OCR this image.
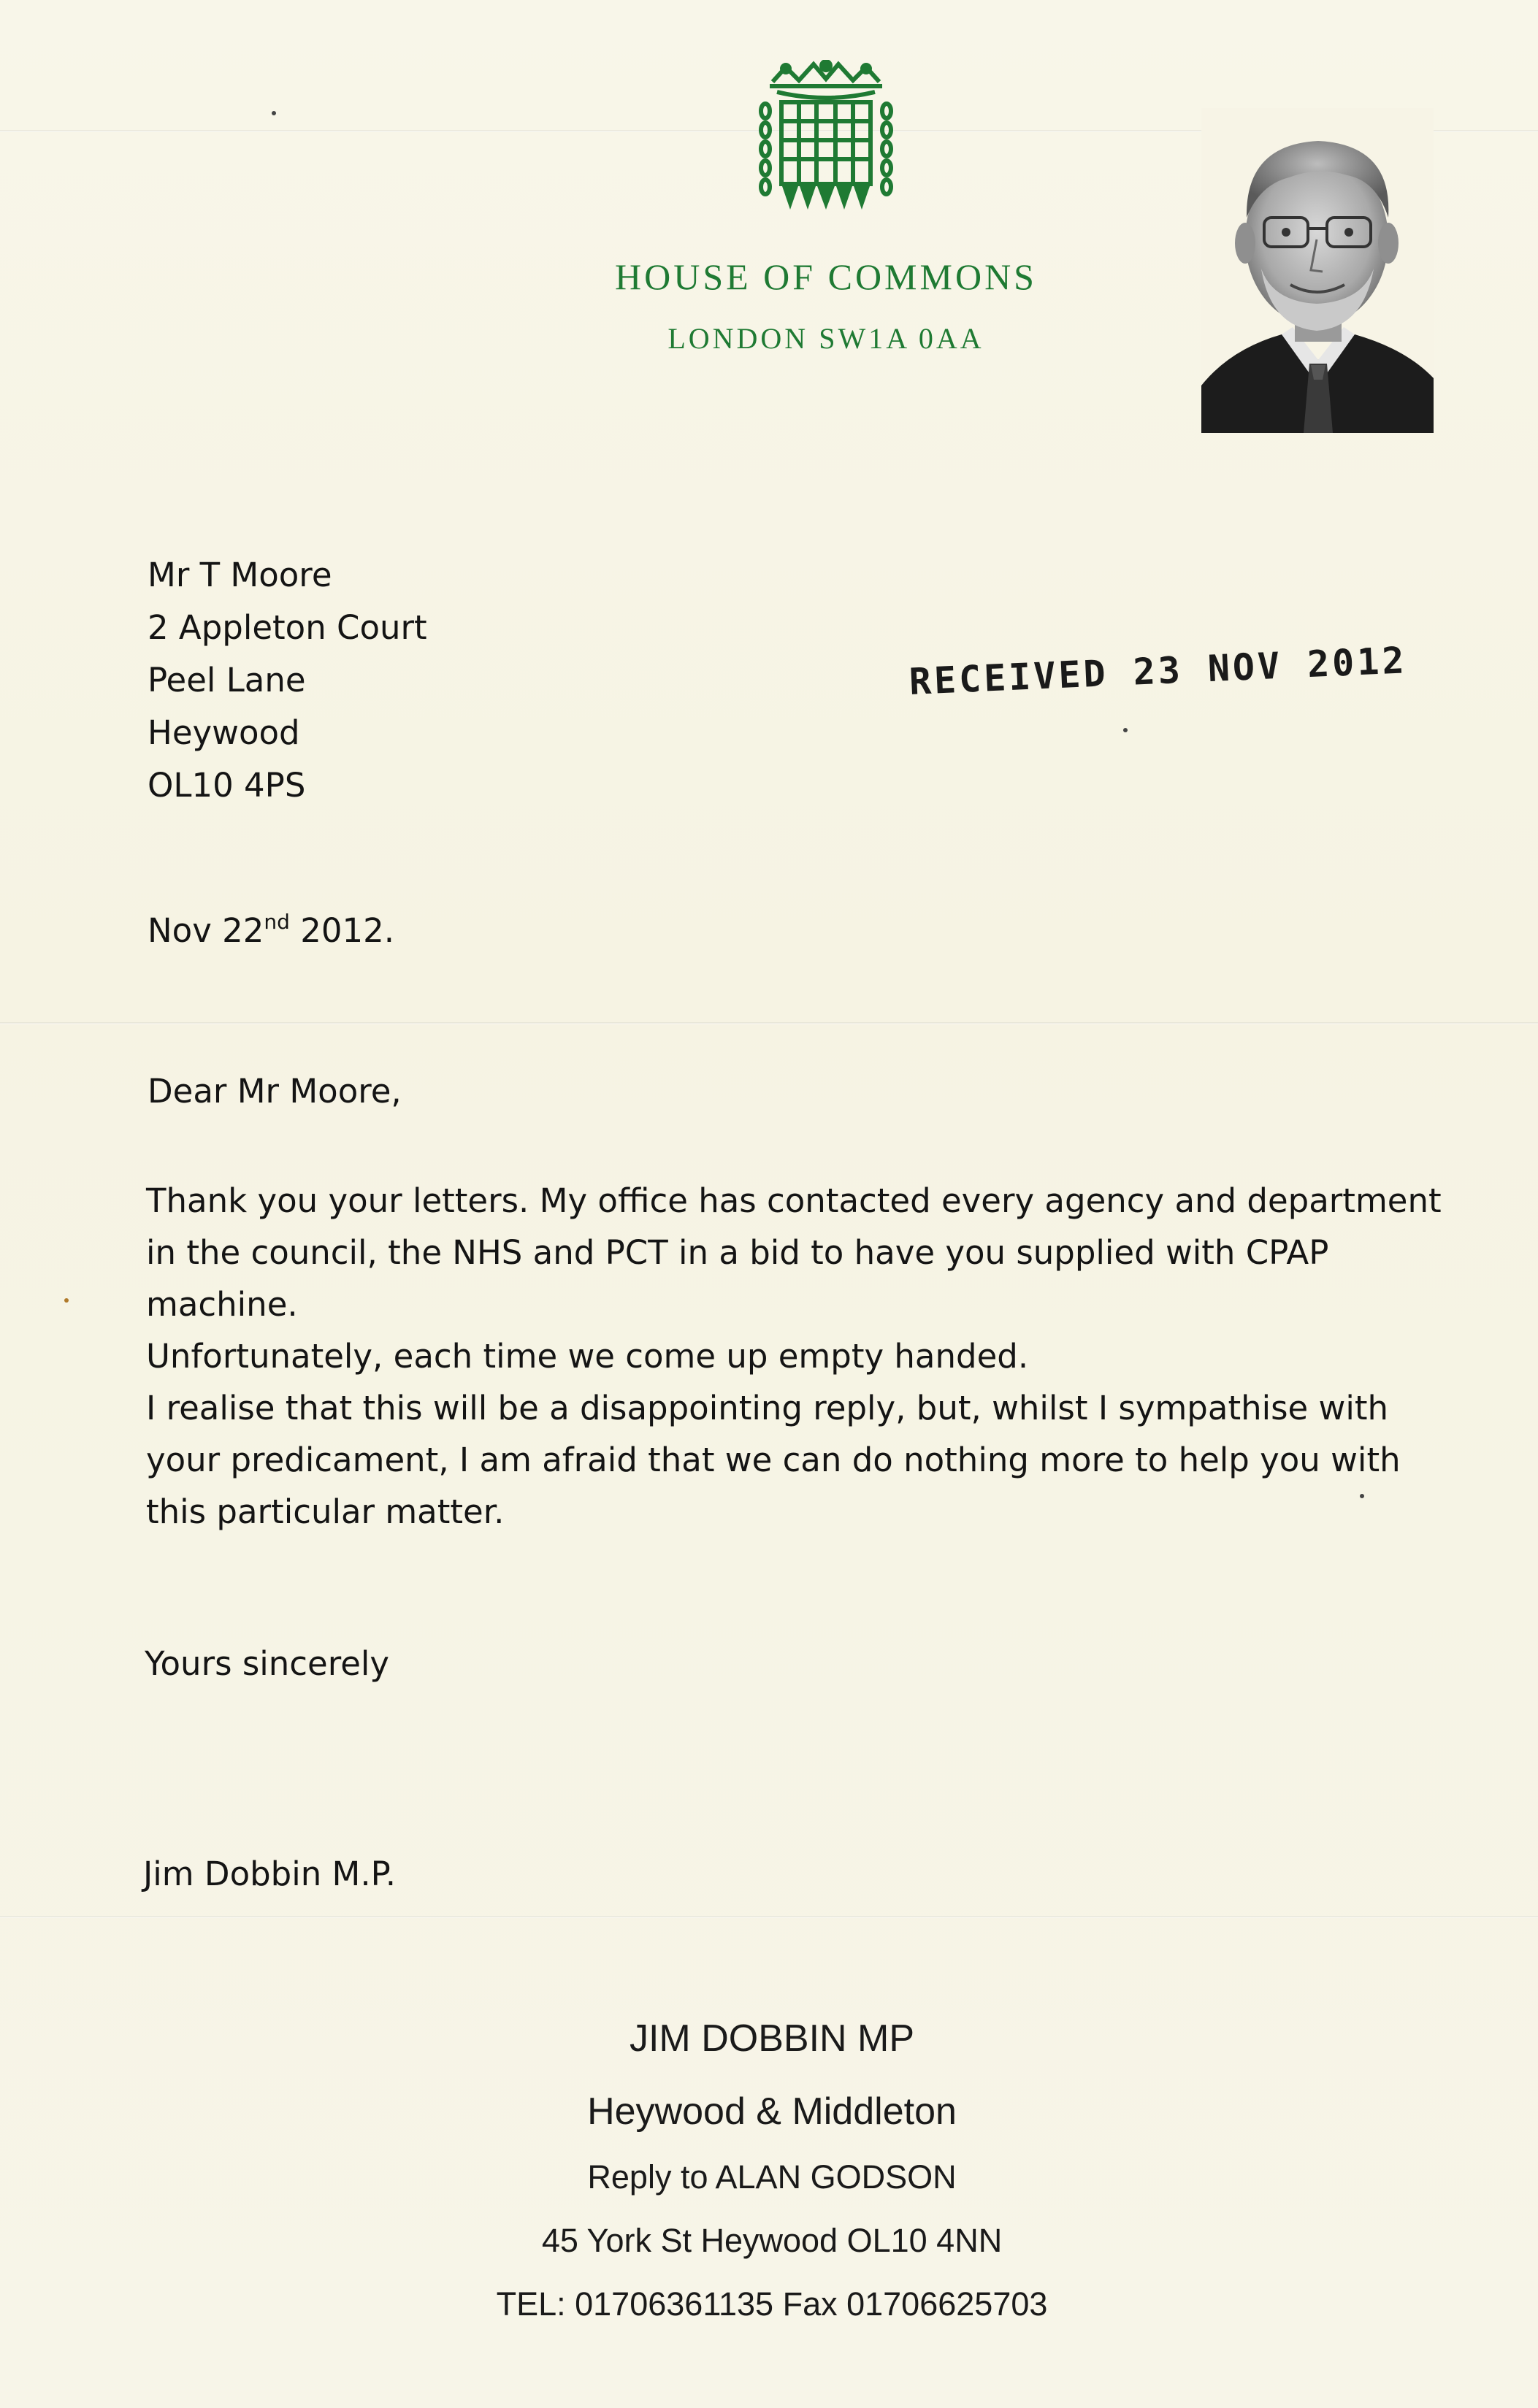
HOUSE OF COMMONS
LONDON SW1A 0AA
Mr T Moore
2 Appleton Court
Peel Lane
Heywood
OL10 4PS
RECEIVED 23 NOV 2012
Nov 22nd 2012.
Dear Mr Moore,
Thank you your letters. My office has contacted every agency and department
in the council, the NHS and PCT in a bid to have you supplied with CPAP
machine.
Unfortunately, each time we come up empty handed.
I realise that this will be a disappointing reply, but, whilst I sympathise with
your predicament, I am afraid that we can do nothing more to help you with
this particular matter.
Yours sincerely
Jim Dobbin M.P.
JIM DOBBIN MP
Heywood & Middleton
Reply to ALAN GODSON
45 York St Heywood OL10 4NN
TEL: 01706361135 Fax 01706625703
